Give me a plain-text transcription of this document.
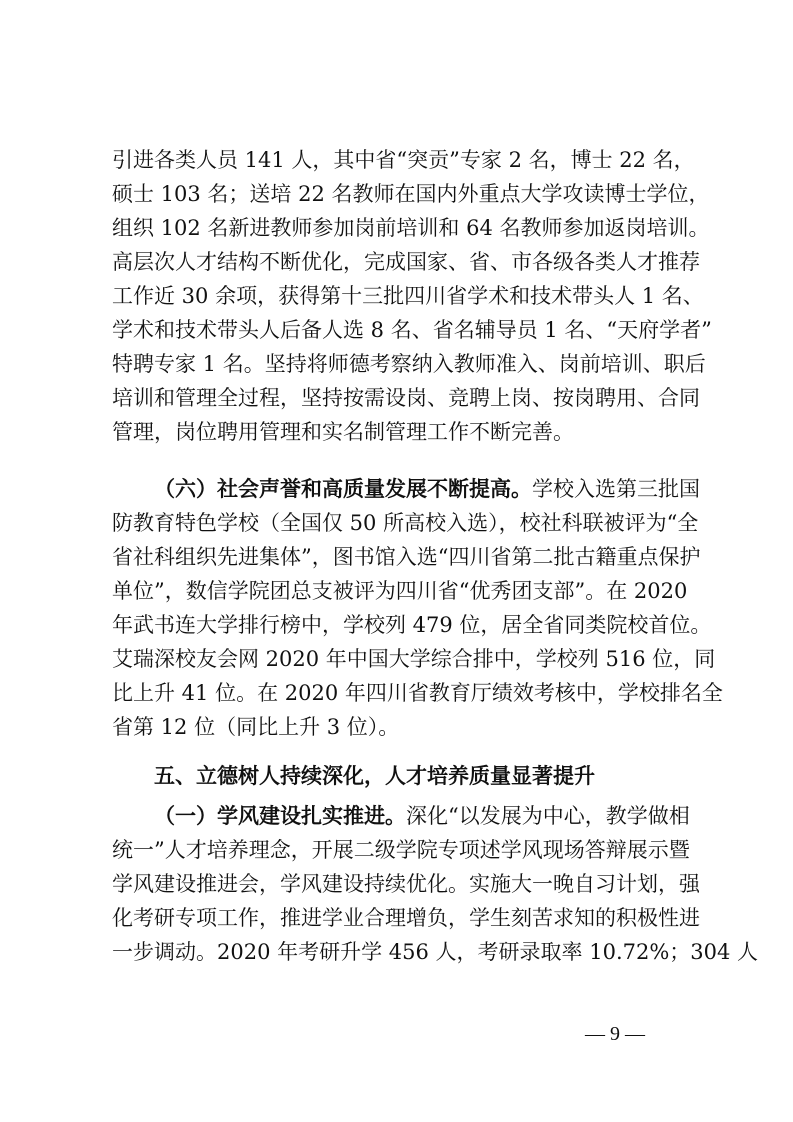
引进各类人员 141 人，其中省“突贡”专家 2 名，博士 22 名，
硕士 103 名；送培 22 名教师在国内外重点大学攻读博士学位，
组织 102 名新进教师参加岗前培训和 64 名教师参加返岗培训。
高层次人才结构不断优化，完成国家、省、市各级各类人才推荐
工作近 30 余项，获得第十三批四川省学术和技术带头人 1 名、
学术和技术带头人后备人选 8 名、省名辅导员 1 名、“天府学者”
特聘专家 1 名。坚持将师德考察纳入教师准入、岗前培训、职后
培训和管理全过程，坚持按需设岗、竞聘上岗、按岗聘用、合同
管理，岗位聘用管理和实名制管理工作不断完善。
（六）社会声誉和高质量发展不断提高。学校入选第三批国
防教育特色学校（全国仅 50 所高校入选），校社科联被评为“全
省社科组织先进集体”，图书馆入选“四川省第二批古籍重点保护
单位”，数信学院团总支被评为四川省“优秀团支部”。在 2020
年武书连大学排行榜中，学校列 479 位，居全省同类院校首位。
艾瑞深校友会网 2020 年中国大学综合排中，学校列 516 位，同
比上升 41 位。在 2020 年四川省教育厅绩效考核中，学校排名全
省第 12 位（同比上升 3 位）。
五、立德树人持续深化，人才培养质量显著提升
（一）学风建设扎实推进。深化“以发展为中心，教学做相
统一”人才培养理念，开展二级学院专项述学风现场答辩展示暨
学风建设推进会，学风建设持续优化。实施大一晚自习计划，强
化考研专项工作，推进学业合理增负，学生刻苦求知的积极性进
一步调动。2020 年考研升学 456 人，考研录取率 10.72%；304 人
— 9 —
